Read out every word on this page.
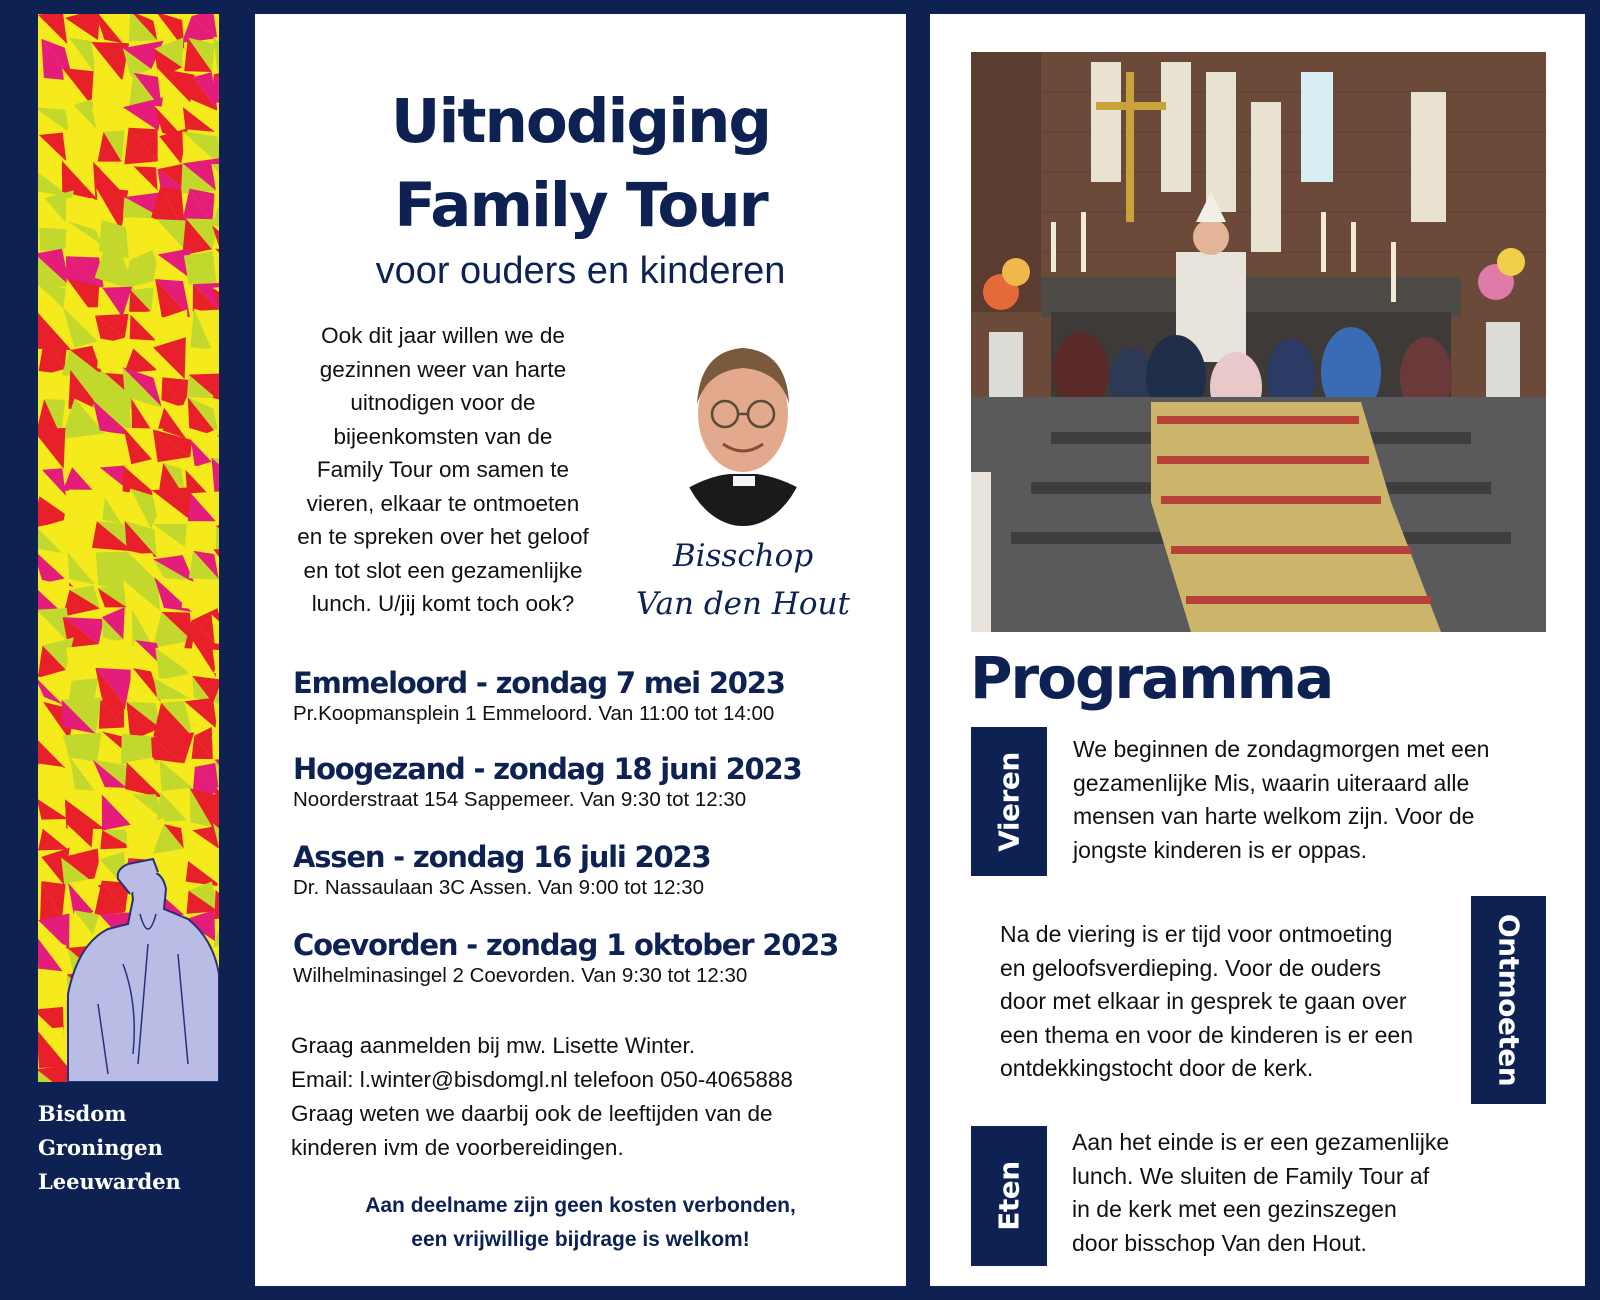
Bisdom
Groningen
Leeuwarden
Uitnodiging
Family Tour
voor ouders en kinderen
Ook dit jaar willen we de
gezinnen weer van harte
uitnodigen voor de
bijeenkomsten van de
Family Tour om samen te
vieren, elkaar te ontmoeten
en te spreken over het geloof
en tot slot een gezamenlijke
lunch. U/jij komt toch ook?
Bisschop
Van den Hout
Emmeloord - zondag 7 mei 2023
Pr.Koopmansplein 1 Emmeloord. Van 11:00 tot 14:00
Hoogezand - zondag 18 juni 2023
Noorderstraat 154 Sappemeer. Van 9:30 tot 12:30
Assen - zondag 16 juli 2023
Dr. Nassaulaan 3C Assen. Van 9:00 tot 12:30
Coevorden - zondag 1 oktober 2023
Wilhelminasingel 2 Coevorden. Van 9:30 tot 12:30
Graag aanmelden bij mw. Lisette Winter.
Email: l.winter@bisdomgl.nl telefoon 050-4065888
Graag weten we daarbij ook de leeftijden van de
kinderen ivm de voorbereidingen.
Aan deelname zijn geen kosten verbonden,
een vrijwillige bijdrage is welkom!
Programma
Vieren
We beginnen de zondagmorgen met een
gezamenlijke Mis, waarin uiteraard alle
mensen van harte welkom zijn. Voor de
jongste kinderen is er oppas.
Ontmoeten
Na de viering is er tijd voor ontmoeting
en geloofsverdieping. Voor de ouders
door met elkaar in gesprek te gaan over
een thema en voor de kinderen is er een
ontdekkingstocht door de kerk.
Eten
Aan het einde is er een gezamenlijke
lunch. We sluiten de Family Tour af
in de kerk met een gezinszegen
door bisschop Van den Hout.
